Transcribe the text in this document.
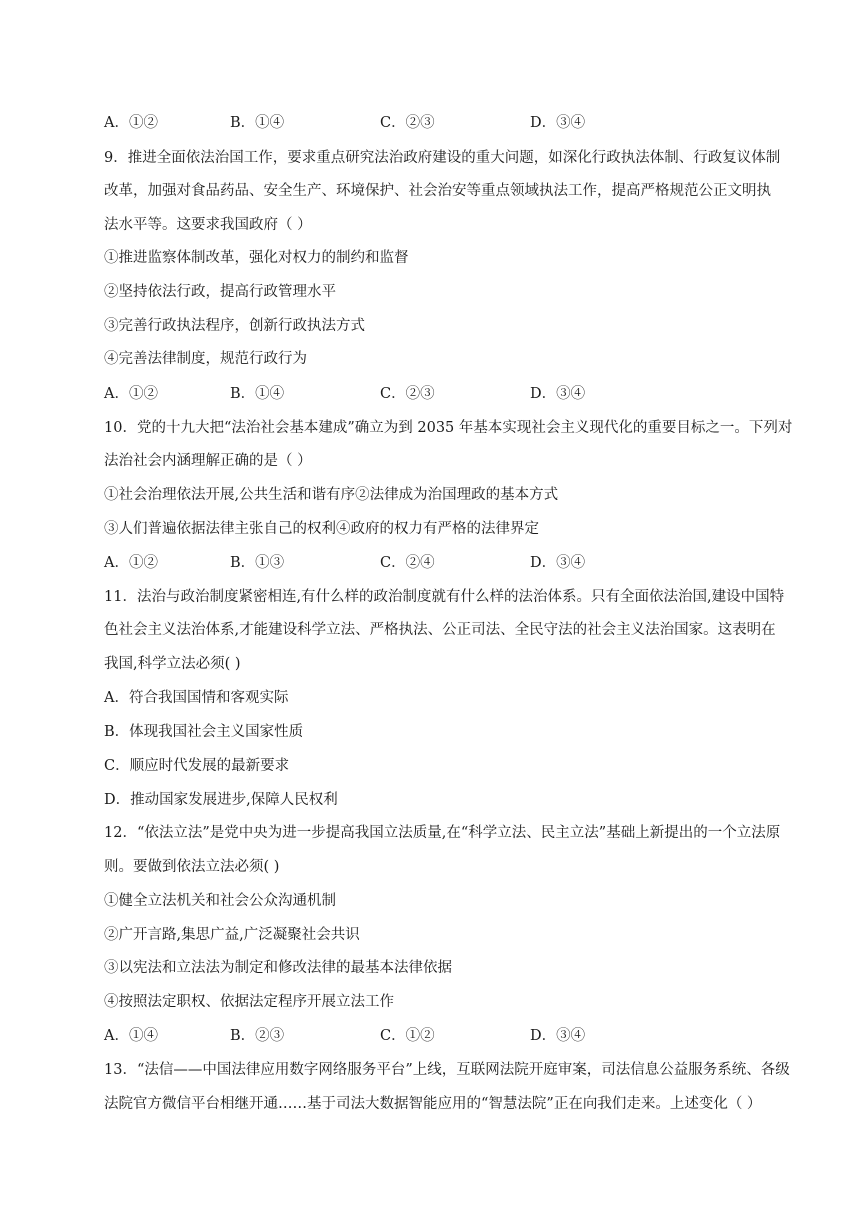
A．①②	B．①④	C．②③	D．③④
9．推进全面依法治国工作，要求重点研究法治政府建设的重大问题，如深化行政执法体制、行政复议体制
改革，加强对食品药品、安全生产、环境保护、社会治安等重点领域执法工作，提高严格规范公正文明执
法水平等。这要求我国政府（ ）
①推进监察体制改革，强化对权力的制约和监督
②坚持依法行政，提高行政管理水平
③完善行政执法程序，创新行政执法方式
④完善法律制度，规范行政行为
A．①②	B．①④	C．②③	D．③④
10．党的十九大把“法治社会基本建成”确立为到 2035 年基本实现社会主义现代化的重要目标之一。下列对
法治社会内涵理解正确的是（ ）
①社会治理依法开展,公共生活和谐有序②法律成为治国理政的基本方式
③人们普遍依据法律主张自己的权利④政府的权力有严格的法律界定
A．①②	B．①③	C．②④	D．③④
11．法治与政治制度紧密相连,有什么样的政治制度就有什么样的法治体系。只有全面依法治国,建设中国特
色社会主义法治体系,才能建设科学立法、严格执法、公正司法、全民守法的社会主义法治国家。这表明在
我国,科学立法必须( )
A．符合我国国情和客观实际
B．体现我国社会主义国家性质
C．顺应时代发展的最新要求
D．推动国家发展进步,保障人民权利
12．“依法立法”是党中央为进一步提高我国立法质量,在“科学立法、民主立法”基础上新提出的一个立法原
则。要做到依法立法必须( )
①健全立法机关和社会公众沟通机制
②广开言路,集思广益,广泛凝聚社会共识
③以宪法和立法法为制定和修改法律的最基本法律依据
④按照法定职权、依据法定程序开展立法工作
A．①④	B．②③	C．①②	D．③④
13．“法信——中国法律应用数字网络服务平台”上线，互联网法院开庭审案，司法信息公益服务系统、各级
法院官方微信平台相继开通……基于司法大数据智能应用的“智慧法院”正在向我们走来。上述变化（ ）
